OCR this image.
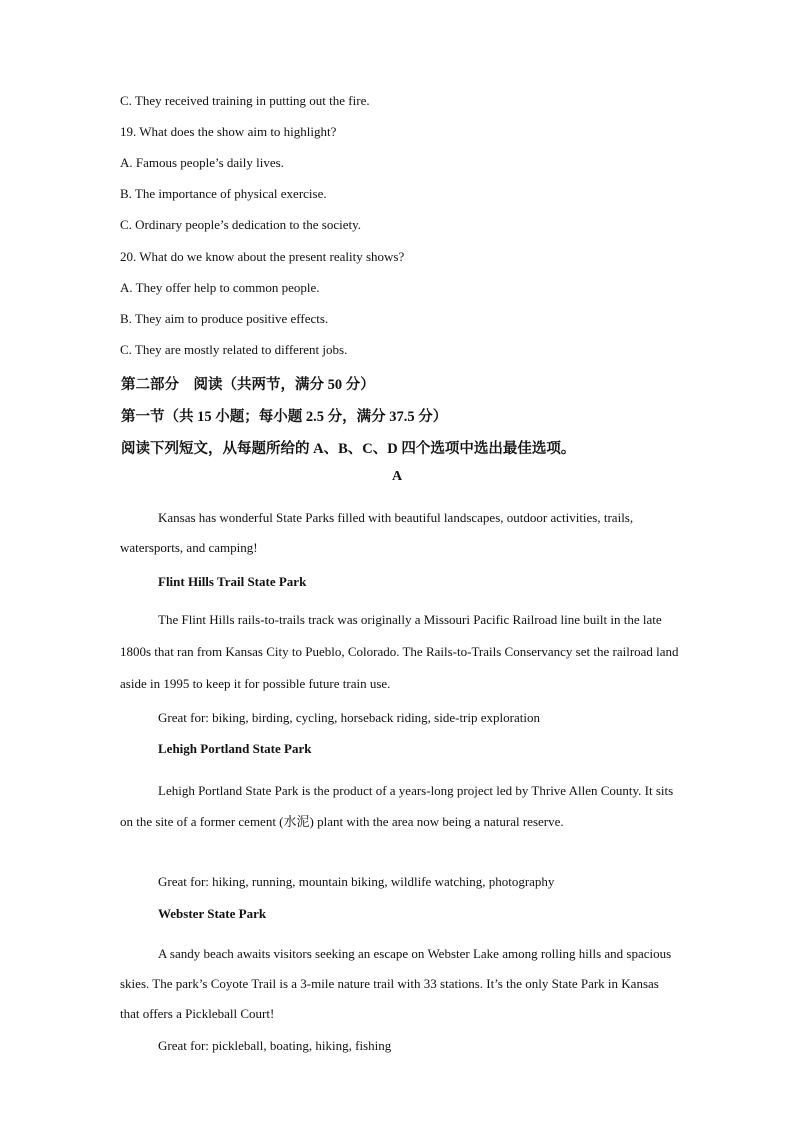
C. They received training in putting out the fire.
19. What does the show aim to highlight?
A. Famous people’s daily lives.
B. The importance of physical exercise.
C. Ordinary people’s dedication to the society.
20. What do we know about the present reality shows?
A. They offer help to common people.
B. They aim to produce positive effects.
C. They are mostly related to different jobs.
第二部分　阅读（共两节，满分 50 分）
第一节（共 15 小题；每小题 2.5 分，满分 37.5 分）
阅读下列短文，从每题所给的 A、B、C、D 四个选项中选出最佳选项。
A
Kansas has wonderful State Parks filled with beautiful landscapes, outdoor activities, trails, watersports, and camping!
Flint Hills Trail State Park
The Flint Hills rails-to-trails track was originally a Missouri Pacific Railroad line built in the late 1800s that ran from Kansas City to Pueblo, Colorado. The Rails-to-Trails Conservancy set the railroad land aside in 1995 to keep it for possible future train use.
Great for: biking, birding, cycling, horseback riding, side-trip exploration
Lehigh Portland State Park
Lehigh Portland State Park is the product of a years-long project led by Thrive Allen County. It sits on the site of a former cement (水泥) plant with the area now being a natural reserve.
Great for: hiking, running, mountain biking, wildlife watching, photography
Webster State Park
A sandy beach awaits visitors seeking an escape on Webster Lake among rolling hills and spacious skies. The park’s Coyote Trail is a 3-mile nature trail with 33 stations. It’s the only State Park in Kansas that offers a Pickleball Court!
Great for: pickleball, boating, hiking, fishing
